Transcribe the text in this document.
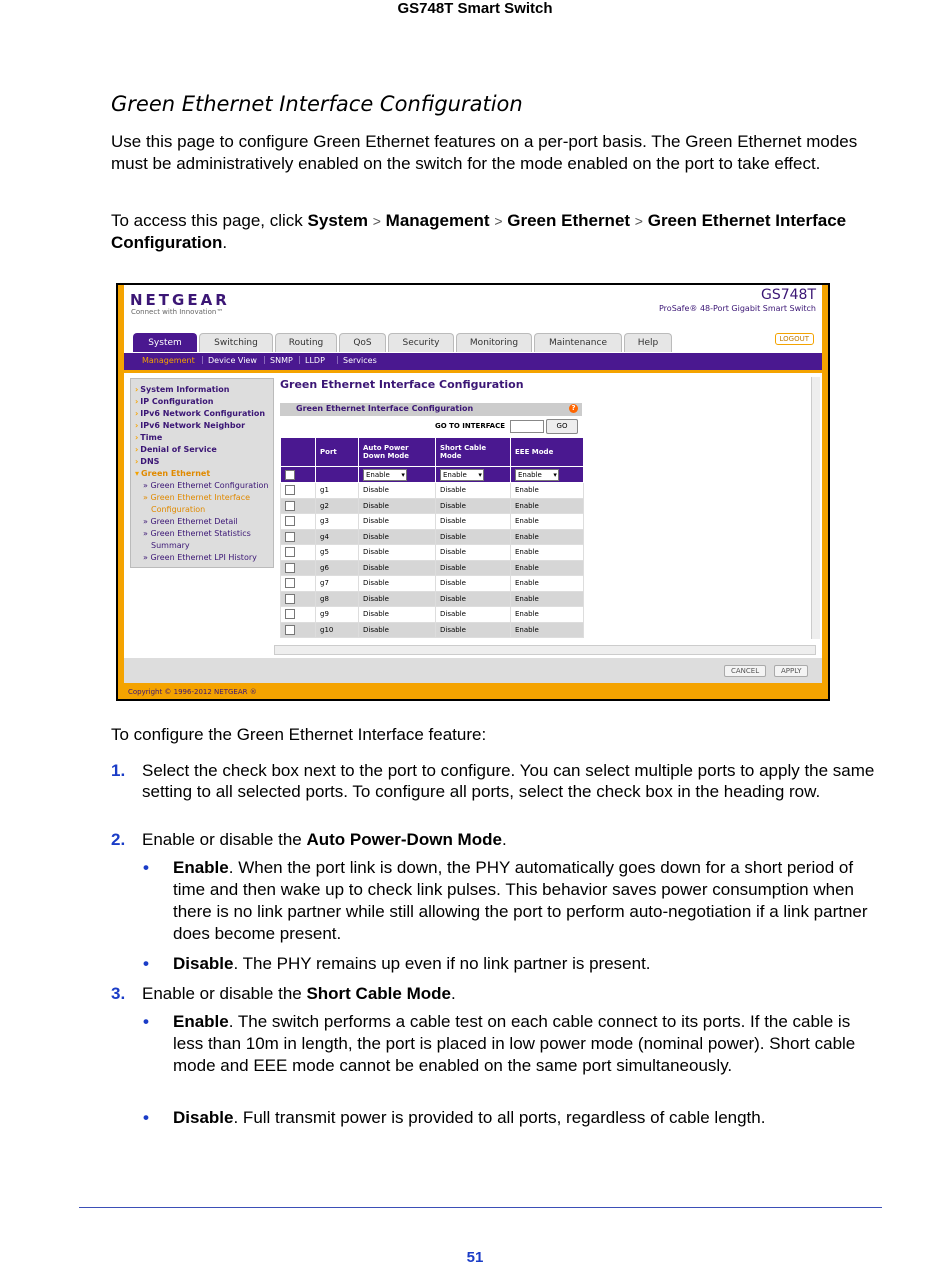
GS748T Smart Switch
Green Ethernet Interface Configuration

Use this page to configure Green Ethernet features on a per-port basis. The Green Ethernet modes must be administratively enabled on the switch for the mode enabled on the port to take effect.

To access this page, click System > Management > Green Ethernet > Green Ethernet Interface Configuration.

NETGEAR
Connect with Innovation™
GS748T
ProSafe® 48-Port Gigabit Smart Switch
System	Switching	Routing	QoS	Security	Monitoring	Maintenance	Help	LOGOUT
Management | Device View | SNMP | LLDP | Services
› System Information
› IP Configuration
› IPv6 Network Configuration
› IPv6 Network Neighbor
› Time
› Denial of Service
› DNS
▾ Green Ethernet
» Green Ethernet Configuration
» Green Ethernet Interface
Configuration
» Green Ethernet Detail
» Green Ethernet Statistics
Summary
» Green Ethernet LPI History
Green Ethernet Interface Configuration
Green Ethernet Interface Configuration	?
GO TO INTERFACE	GO
	Port	Auto Power Down Mode	Short Cable Mode	EEE Mode
		Enable ▾	Enable ▾	Enable ▾
	g1	Disable	Disable	Enable
	g2	Disable	Disable	Enable
	g3	Disable	Disable	Enable
	g4	Disable	Disable	Enable
	g5	Disable	Disable	Enable
	g6	Disable	Disable	Enable
	g7	Disable	Disable	Enable
	g8	Disable	Disable	Enable
	g9	Disable	Disable	Enable
	g10	Disable	Disable	Enable
CANCEL	APPLY
Copyright © 1996-2012 NETGEAR ®

To configure the Green Ethernet Interface feature:

1. Select the check box next to the port to configure. You can select multiple ports to apply the same setting to all selected ports. To configure all ports, select the check box in the heading row.
2. Enable or disable the Auto Power-Down Mode.
• Enable. When the port link is down, the PHY automatically goes down for a short period of time and then wake up to check link pulses. This behavior saves power consumption when there is no link partner while still allowing the port to perform auto-negotiation if a link partner does become present.
• Disable. The PHY remains up even if no link partner is present.
3. Enable or disable the Short Cable Mode.
• Enable. The switch performs a cable test on each cable connect to its ports. If the cable is less than 10m in length, the port is placed in low power mode (nominal power). Short cable mode and EEE mode cannot be enabled on the same port simultaneously.
• Disable. Full transmit power is provided to all ports, regardless of cable length.
51
